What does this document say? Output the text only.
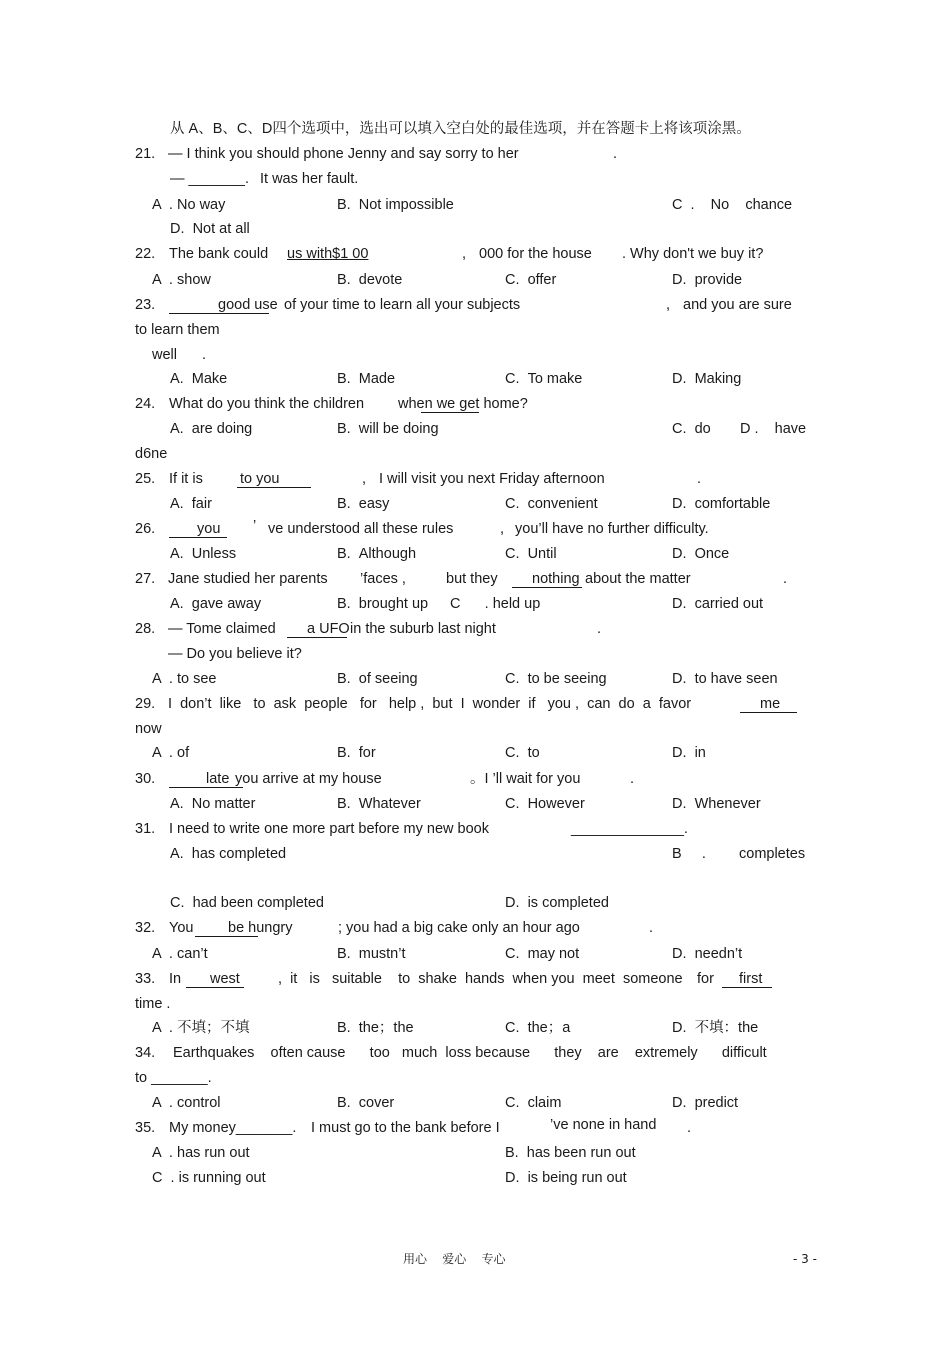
从 A、B、C、D四个选项中，选出可以填入空白处的最佳选项，并在答题卡上将该项涂黑。
21. — I think you should phone Jenny and say sorry to her	.
— _______. It was her fault.
A  . No way	B.  Not impossible	C  .    No    chance
D.  Not at all
22. The bank could us with$1 00	, 000 for the house . Why don't we buy it?
A  . show	B.  devote	C.  offer	D.  provide
23.	good use of your time to learn all your subjects	, and you are sure
to learn them
well .
A.  Make	B.  Made	C.  To make	D.  Making
24. What do you think the children when we get home?
A.  are doing	B.  will be doing	C.  do D .    have
d6ne
25. If it is	to you	, I will visit you next Friday afternoon	.
A.  fair	B.  easy	C.  convenient	D.  comfortable
26.	you ’ ve understood all these rules	, you’ll have no further difficulty.
A.  Unless	B.  Although	C.  Until	D.  Once
27. Jane studied her parents ’faces ,	but they nothing about the matter	.
A.  gave away	B.  brought up C      . held up	D.  carried out
28. — Tome claimed a UFO in the suburb last night	.
— Do you believe it?
A  . to see	B.  of seeing	C.  to be seeing	D.  to have seen
29. I  don’t  like   to  ask  people   for   help ,  but  I  wonder  if   you ,  can  do  a  favor	me
now
A  . of	B.  for	C.  to	D.  in
30.	late you arrive at my house	。I ’ll wait for you	.
A.  No matter	B.  Whatever	C.  However	D.  Whenever
31. I need to write one more part before my new book	______________.
A.  has completed	B     . completes
C.  had been completed	D.  is completed
32. You be hungry	; you had a big cake only an hour ago	.
A  . can’t	B.  mustn’t	C.  may not	D.  needn’t
33. In west	,  it   is   suitable    to  shake  hands  when you  meet  someone for first
time .
A  . 不填；不填	B.  the；the	C.  the；a	D.  不填：the
34. Earthquakes    often cause      too   much  loss because      they    are    extremely      difficult
to _______.
A  . control	B.  cover	C.  claim	D.  predict
35. My money_______. I must go to the bank before I	’ve none in hand .
A  . has run out	B.  has been run out
C  . is running out	D.  is being run out
用心    爱心    专心	- 3 -
